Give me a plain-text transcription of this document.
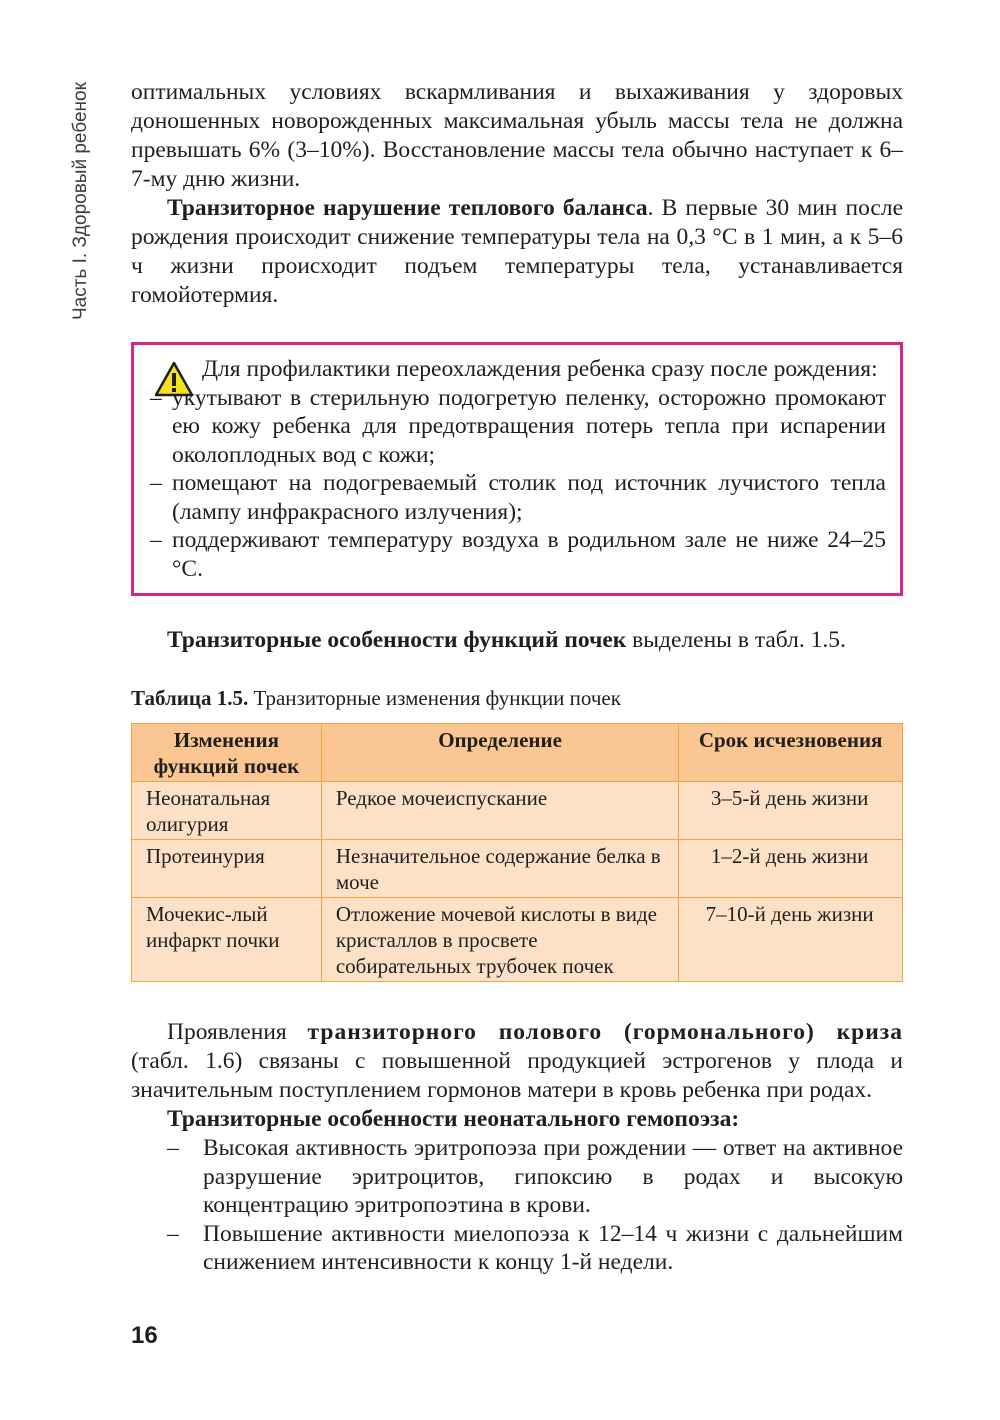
Часть I. Здоровый ребенок оптимальных условиях вскармливания и выхаживания у здоровых доношенных новорожденных максимальная убыль массы тела не должна превышать 6% (3–10%). Восстановление массы тела обычно наступает к 6–7-му дню жизни.

Транзиторное нарушение теплового баланса. В первые 30 мин после рождения происходит снижение температуры тела на 0,3 °С в 1 мин, а к 5–6 ч жизни происходит подъем температуры тела, устанавливается гомойотермия.

Для профилактики переохлаждения ребенка сразу после рождения:
– укутывают в стерильную подогретую пеленку, осторожно промокают ею кожу ребенка для предотвращения потерь тепла при испарении околоплодных вод с кожи;
– помещают на подогреваемый столик под источник лучистого тепла (лампу инфракрасного излучения);
– поддерживают температуру воздуха в родильном зале не ниже 24–25 °С.

Транзиторные особенности функций почек выделены в табл. 1.5.

Таблица 1.5. Транзиторные изменения функции почек
Изменения функций почек	Определение	Срок исчезновения
Неонатальная олигурия	Редкое мочеиспускание	3–5-й день жизни
Протеинурия	Незначительное содержание белка в моче	1–2-й день жизни
Мочекис-лый инфаркт почки	Отложение мочевой кислоты в виде кристаллов в просвете собирательных трубочек почек	7–10-й день жизни

Проявления транзиторного полового (гормонального) криза (табл. 1.6) связаны с повышенной продукцией эстрогенов у плода и значительным поступлением гормонов матери в кровь ребенка при родах.

Транзиторные особенности неонатального гемопоэза:

– Высокая активность эритропоэза при рождении — ответ на активное разрушение эритроцитов, гипоксию в родах и высокую концентрацию эритропоэтина в крови.
– Повышение активности миелопоэза к 12–14 ч жизни с дальнейшим снижением интенсивности к концу 1-й недели.
16
